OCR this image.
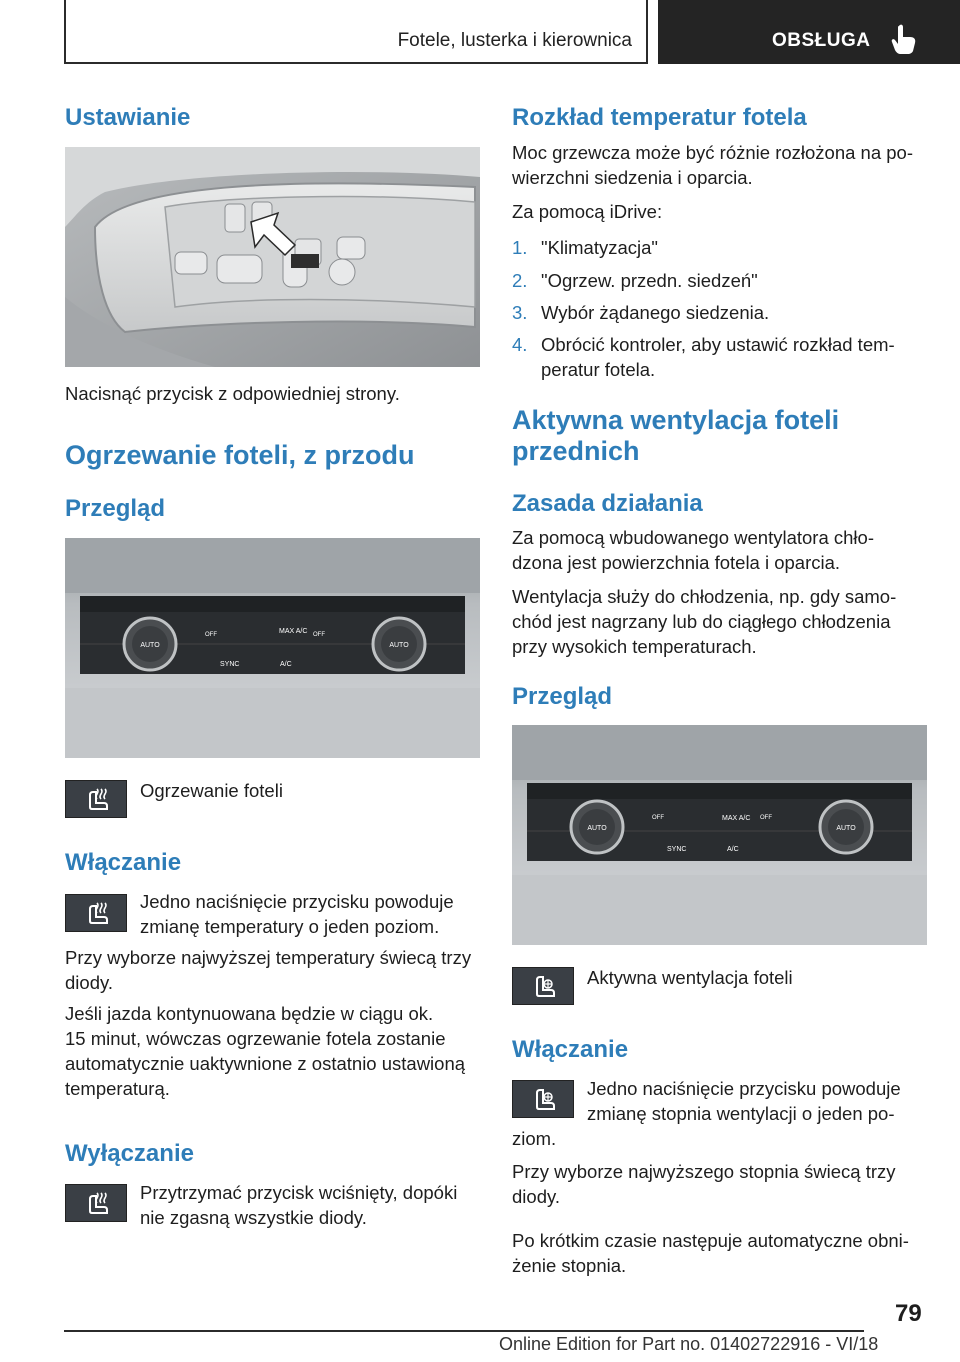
Fotele, lusterka i kierownica	OBSŁUGA
Ustawianie
Nacisnąć przycisk z odpowiedniej strony.
Ogrzewanie foteli, z przodu
Przegląd
AUTO	AUTO
OFF	MAX A/C OFF
SYNC	A/C
Ogrzewanie foteli
Włączanie
Jedno naciśnięcie przycisku powoduje
zmianę temperatury o jeden poziom.
Przy wyborze najwyższej temperatury świecą trzy
diody.
Jeśli jazda kontynuowana będzie w ciągu ok.
15 minut, wówczas ogrzewanie fotela zostanie
automatycznie uaktywnione z ostatnio ustawioną
temperaturą.
Wyłączanie
Przytrzymać przycisk wciśnięty, dopóki
nie zgasną wszystkie diody.
Rozkład temperatur fotela
Moc grzewcza może być różnie rozłożona na po-
wierzchni siedzenia i oparcia.
Za pomocą iDrive:
1. "Klimatyzacja"
2. "Ogrzew. przedn. siedzeń"
3. Wybór żądanego siedzenia.
4. Obrócić kontroler, aby ustawić rozkład tem-
peratur fotela.
Aktywna wentylacja foteli
przednich
Zasada działania
Za pomocą wbudowanego wentylatora chło-
dzona jest powierzchnia fotela i oparcia.
Wentylacja służy do chłodzenia, np. gdy samo-
chód jest nagrzany lub do ciągłego chłodzenia
przy wysokich temperaturach.
Przegląd
AUTO	AUTO
OFF	MAX A/C OFF
SYNC	A/C
Aktywna wentylacja foteli
Włączanie
Jedno naciśnięcie przycisku powoduje
zmianę stopnia wentylacji o jeden po-
ziom.
Przy wyborze najwyższego stopnia świecą trzy
diody.
Po krótkim czasie następuje automatyczne obni-
żenie stopnia.
79
Online Edition for Part no. 01402722916 - VI/18
